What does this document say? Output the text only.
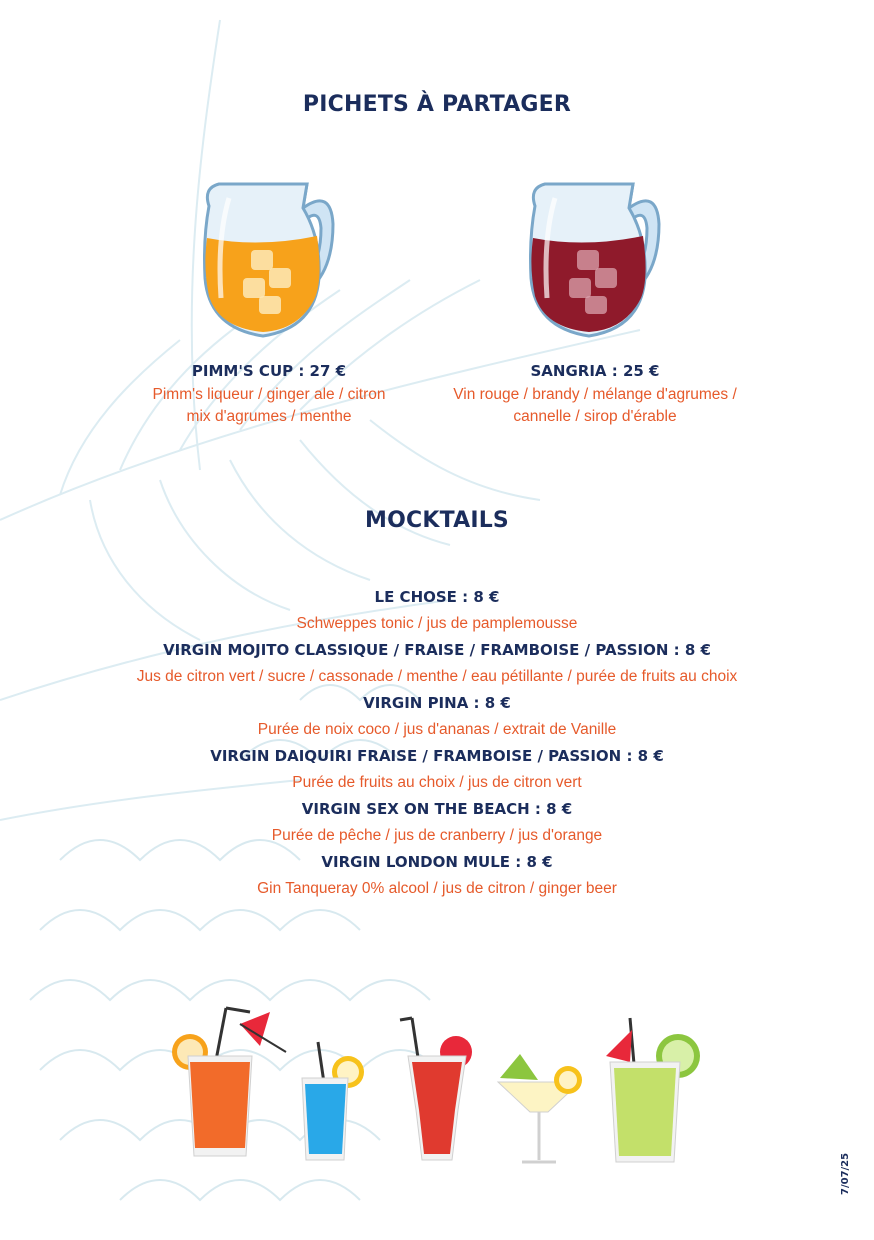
PICHETS À PARTAGER
PIMM'S CUP : 27 €
Pimm's liqueur / ginger ale / citron
mix d'agrumes / menthe
SANGRIA : 25 €
Vin rouge / brandy / mélange d'agrumes /
cannelle / sirop d'érable
MOCKTAILS
LE CHOSE : 8 €
Schweppes tonic / jus de pamplemousse
VIRGIN MOJITO CLASSIQUE / FRAISE / FRAMBOISE / PASSION : 8 €
Jus de citron vert / sucre / cassonade / menthe / eau pétillante / purée de fruits au choix
VIRGIN PINA : 8 €
Purée de noix coco / jus d'ananas / extrait de Vanille
VIRGIN DAIQUIRI FRAISE / FRAMBOISE / PASSION : 8 €
Purée de fruits au choix / jus de citron vert
VIRGIN SEX ON THE BEACH : 8 €
Purée de pêche / jus de cranberry / jus d'orange
VIRGIN LONDON MULE : 8 €
Gin Tanqueray 0% alcool / jus de citron / ginger beer
7/07/25
